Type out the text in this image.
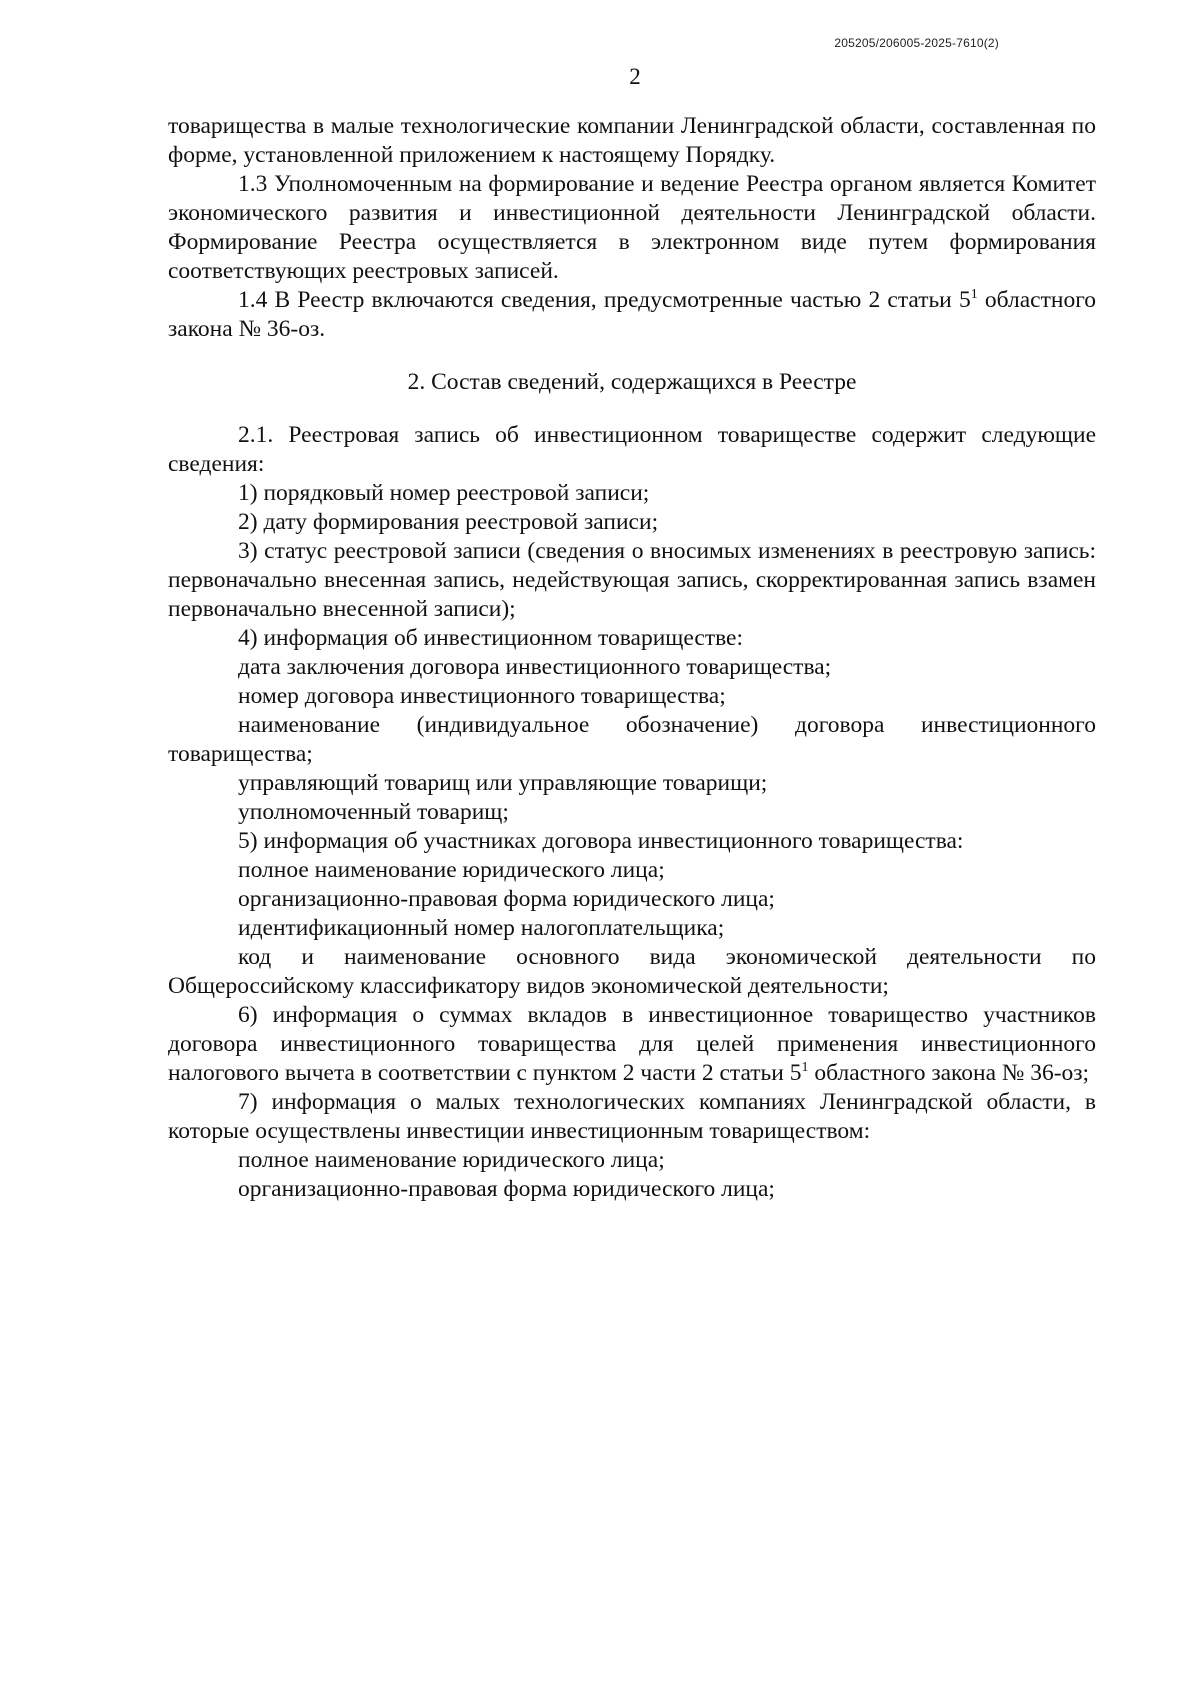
205205/206005-2025-7610(2)
2

товарищества в малые технологические компании Ленинградской области, составленная по форме, установленной приложением к настоящему Порядку.

1.3 Уполномоченным на формирование и ведение Реестра органом является Комитет экономического развития и инвестиционной деятельности Ленинградской области. Формирование Реестра осуществляется в электронном виде путем формирования соответствующих реестровых записей.

1.4 В Реестр включаются сведения, предусмотренные частью 2 статьи $5^1$ областного закона № 36-оз.

2. Состав сведений, содержащихся в Реестре

2.1. Реестровая запись об инвестиционном товариществе содержит следующие сведения:

1) порядковый номер реестровой записи;

2) дату формирования реестровой записи;

3) статус реестровой записи (сведения о вносимых изменениях в реестровую запись: первоначально внесенная запись, недействующая запись, скорректированная запись взамен первоначально внесенной записи);

4) информация об инвестиционном товариществе:

дата заключения договора инвестиционного товарищества;

номер договора инвестиционного товарищества;

наименование (индивидуальное обозначение) договора инвестиционного товарищества;

управляющий товарищ или управляющие товарищи;

уполномоченный товарищ;

5) информация об участниках договора инвестиционного товарищества:

полное наименование юридического лица;

организационно-правовая форма юридического лица;

идентификационный номер налогоплательщика;

код и наименование основного вида экономической деятельности по Общероссийскому классификатору видов экономической деятельности;

6) информация о суммах вкладов в инвестиционное товарищество участников договора инвестиционного товарищества для целей применения инвестиционного налогового вычета в соответствии с пунктом 2 части 2 статьи $5^1$ областного закона № 36-оз;

7) информация о малых технологических компаниях Ленинградской области, в которые осуществлены инвестиции инвестиционным товариществом:

полное наименование юридического лица;

организационно-правовая форма юридического лица;
